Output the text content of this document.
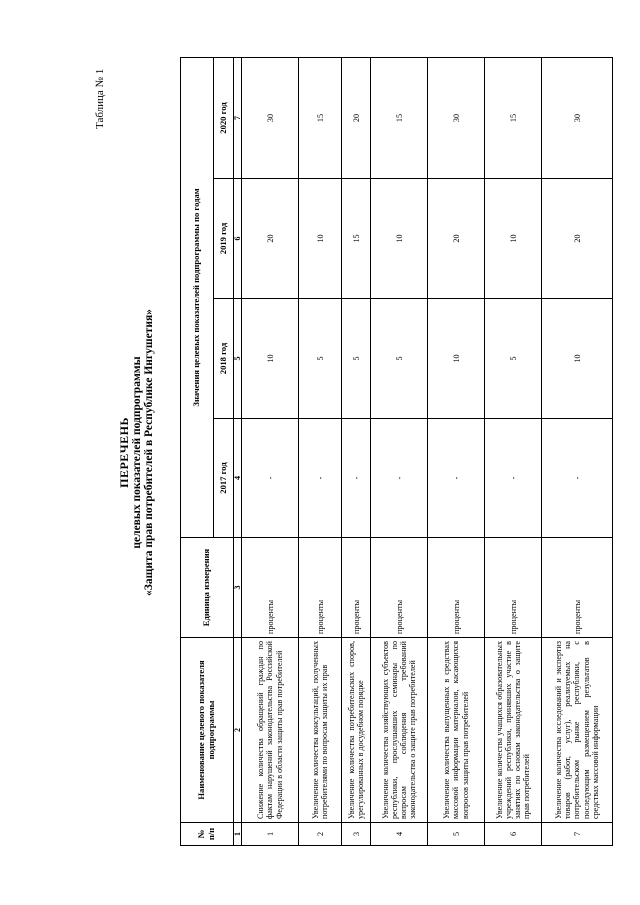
Таблица № 1
ПЕРЕЧЕНЬ целевых показателей подпрограммы «Защита прав потребителей в Республике Ингушетия»
№ п/п	Наименование целевого показателя подпрограммы	Единица измерения	Значения целевых показателей подпрограммы по годам			
			2017 год	2018 год	2019 год	2020 год
1	2	3	4	5	6	7
1	Снижение количества обращений граждан по фактам нарушений законодательства Российской Федерации в области защиты прав потребителей	проценты	-	10	20	30
2	Увеличение количества консультаций, полученных потребителями по вопросам защиты их прав	проценты	-	5	10	15
3	Увеличение количества потребительских споров, урегулированных в досудебном порядке	проценты	-	5	15	20
4	Увеличение количества хозяйствующих субъектов республики, прослушавших семинары по вопросам соблюдения требований законодательства о защите прав потребителей	проценты	-	5	10	15
5	Увеличение количества выпущенных в средствах массовой информации материалов, касающихся вопросов защиты прав потребителей	проценты	-	10	20	30
6	Увеличение количества учащихся образовательных учреждений республики, принявших участие в занятиях по основам законодательства о защите прав потребителей	проценты	-	5	10	15
7	Увеличение количества исследований и экспертиз товаров (работ, услуг), реализуемых на потребительском рынке республики, с последующим размещением результатов в средствах массовой информации	проценты	-	10	20	30
